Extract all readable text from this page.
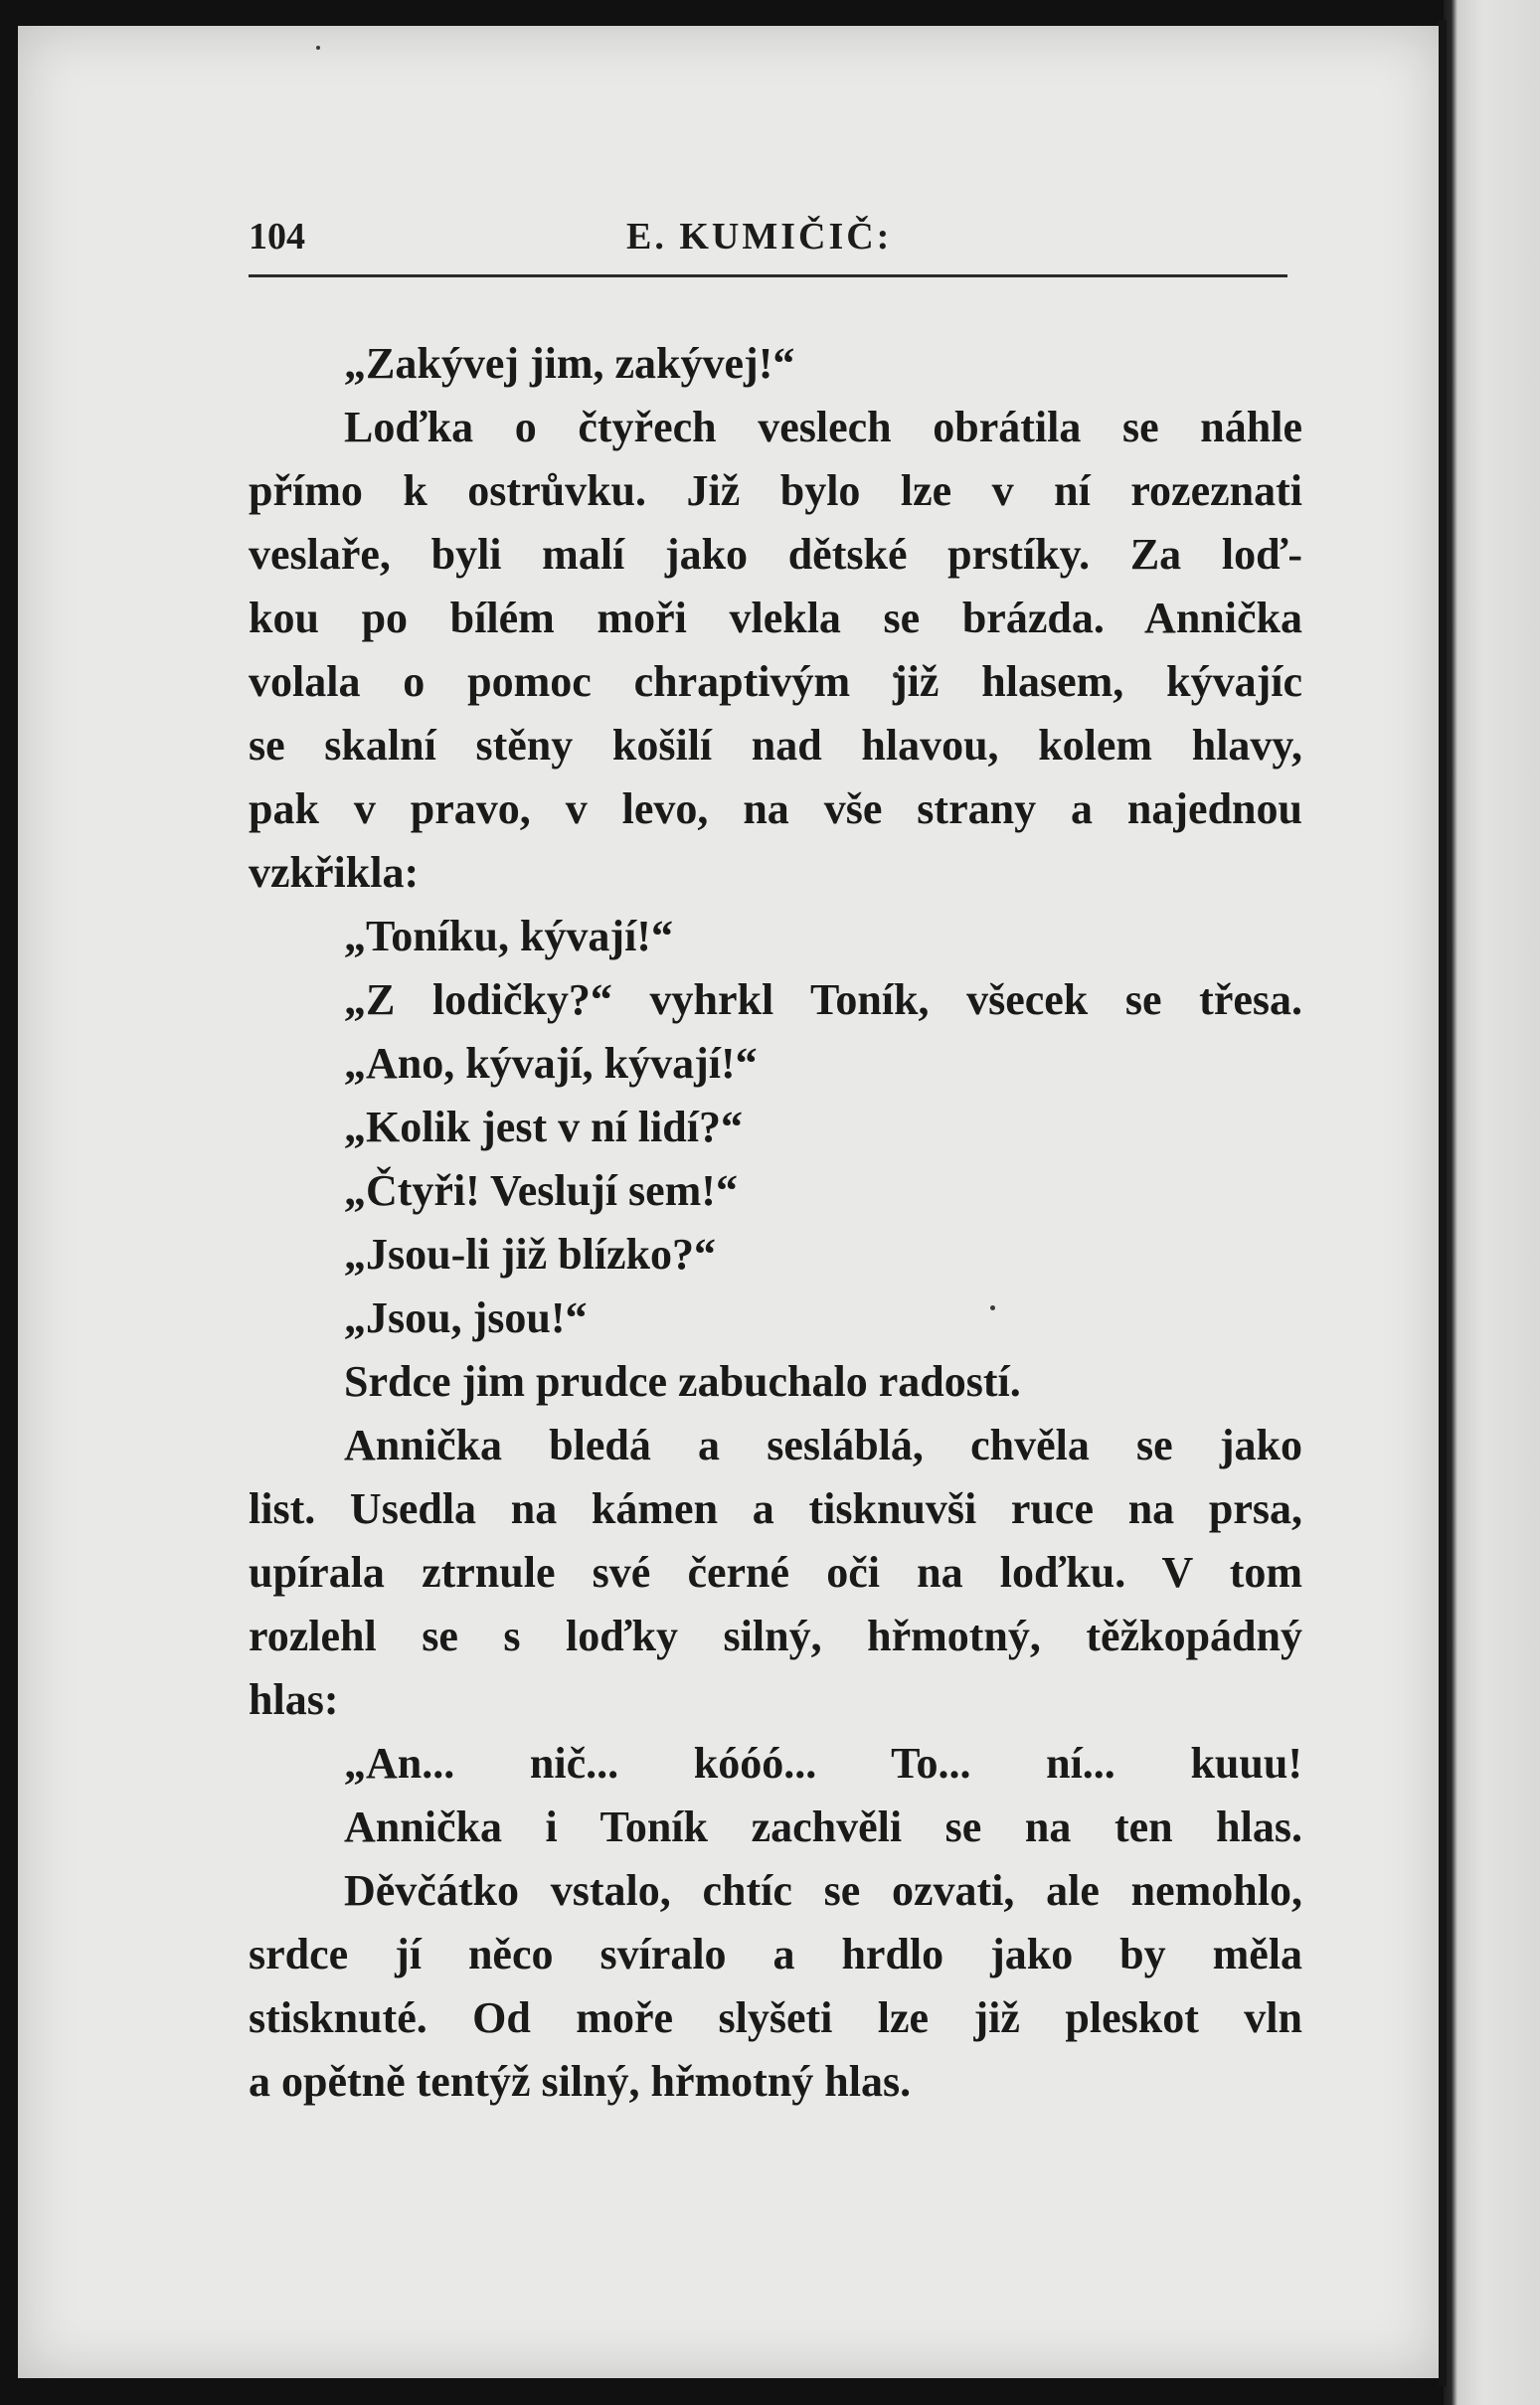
104	E. KUMIČIČ:
„Zakývej jim, zakývej!“
Loďka o čtyřech veslech obrátila se náhle
přímo k ostrůvku. Již bylo lze v ní rozeznati
veslaře, byli malí jako dětské prstíky. Za loď-
kou po bílém moři vlekla se brázda. Annička
volala o pomoc chraptivým již hlasem, kývajíc
se skalní stěny košilí nad hlavou, kolem hlavy,
pak v pravo, v levo, na vše strany a najednou
vzkřikla:
„Toníku, kývají!“
„Z lodičky?“ vyhrkl Toník, všecek se třesa.
„Ano, kývají, kývají!“
„Kolik jest v ní lidí?“
„Čtyři! Veslují sem!“
„Jsou-li již blízko?“
„Jsou, jsou!“
Srdce jim prudce zabuchalo radostí.
Annička bledá a sesláblá, chvěla se jako
list. Usedla na kámen a tisknuvši ruce na prsa,
upírala ztrnule své černé oči na loďku. V tom
rozlehl se s loďky silný, hřmotný, těžkopádný
hlas:
„An... nič... kóóó... To... ní... kuuu!
Annička i Toník zachvěli se na ten hlas.
Děvčátko vstalo, chtíc se ozvati, ale nemohlo,
srdce jí něco svíralo a hrdlo jako by měla
stisknuté. Od moře slyšeti lze již pleskot vln
a opětně tentýž silný, hřmotný hlas.
